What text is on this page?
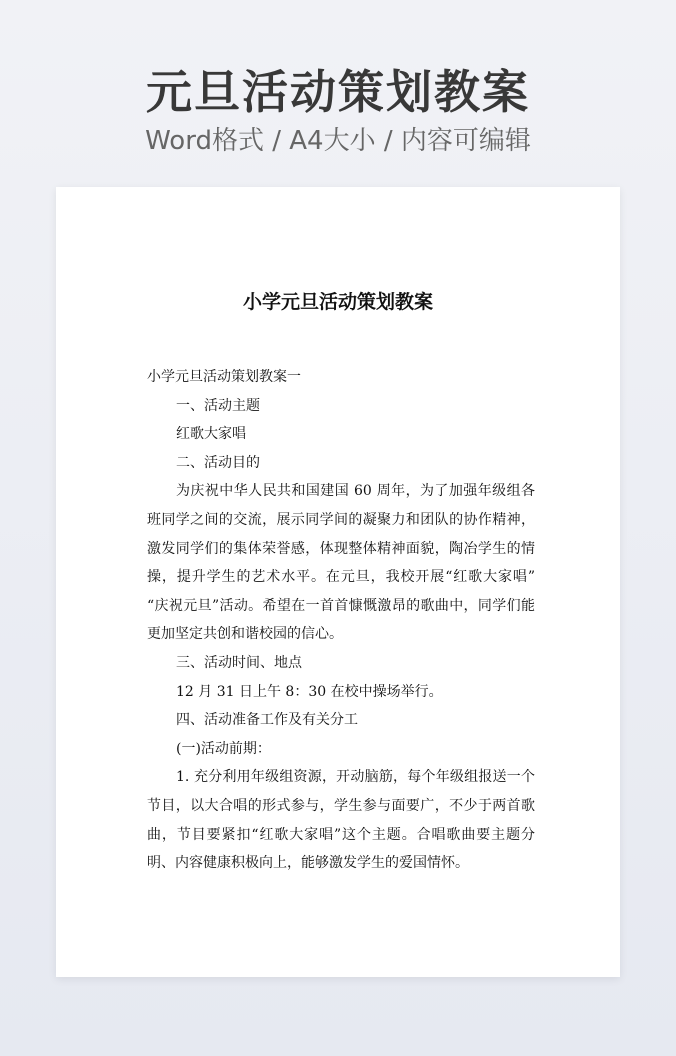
元旦活动策划教案
Word格式 / A4大小 / 内容可编辑
小学元旦活动策划教案

小学元旦活动策划教案一

一、活动主题

红歌大家唱

二、活动目的

为庆祝中华人民共和国建国 60 周年，为了加强年级组各班同学之间的交流，展示同学间的凝聚力和团队的协作精神，激发同学们的集体荣誉感，体现整体精神面貌，陶冶学生的情操，提升学生的艺术水平。在元旦，我校开展“红歌大家唱” “庆祝元旦”活动。希望在一首首慷慨激昂的歌曲中，同学们能更加坚定共创和谐校园的信心。

三、活动时间、地点

12 月 31 日上午 8：30 在校中操场举行。

四、活动准备工作及有关分工

(一)活动前期：

1. 充分利用年级组资源，开动脑筋，每个年级组报送一个节目，以大合唱的形式参与，学生参与面要广，不少于两首歌曲，节目要紧扣“红歌大家唱”这个主题。合唱歌曲要主题分明、内容健康积极向上，能够激发学生的爱国情怀。
